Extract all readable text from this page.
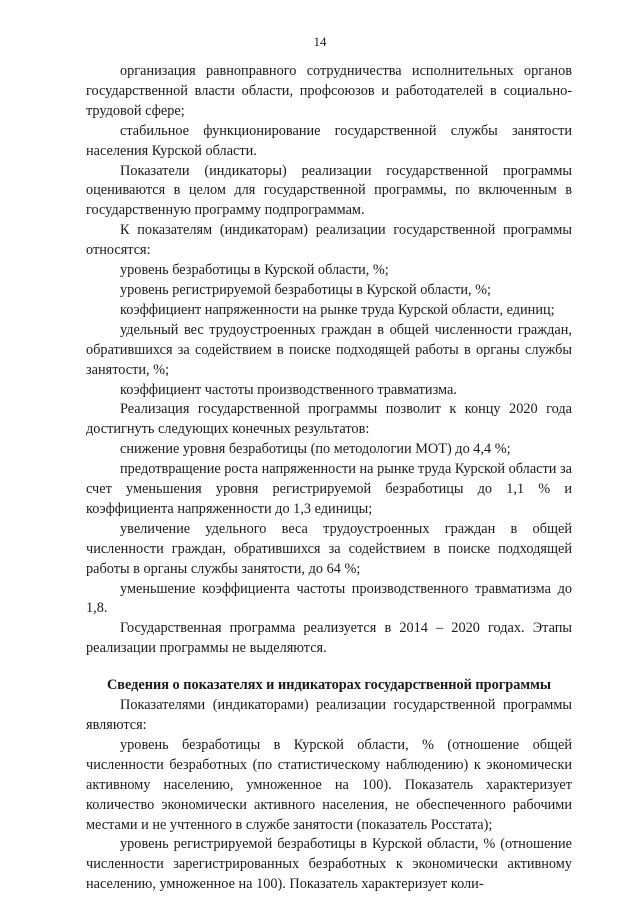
14

организация равноправного сотрудничества исполнительных органов государственной власти области, профсоюзов и работодателей в социально-трудовой сфере;

стабильное функционирование государственной службы занятости населения Курской области.

Показатели (индикаторы) реализации государственной программы оцениваются в целом для государственной программы, по включенным в государственную программу подпрограммам.

К показателям (индикаторам) реализации государственной программы относятся:

уровень безработицы в Курской области, %;

уровень регистрируемой безработицы в Курской области, %;

коэффициент напряженности на рынке труда Курской области, единиц;

удельный вес трудоустроенных граждан в общей численности граждан, обратившихся за содействием в поиске подходящей работы в органы службы занятости, %;

коэффициент частоты производственного травматизма.

Реализация государственной программы позволит к концу 2020 года достигнуть следующих конечных результатов:

снижение уровня безработицы (по методологии МОТ) до 4,4 %;

предотвращение роста напряженности на рынке труда Курской области за счет уменьшения уровня регистрируемой безработицы до 1,1 % и коэффициента напряженности до 1,3 единицы;

увеличение удельного веса трудоустроенных граждан в общей численности граждан, обратившихся за содействием в поиске подходящей работы в органы службы занятости, до 64 %;

уменьшение коэффициента частоты производственного травматизма до 1,8.

Государственная программа реализуется в 2014 – 2020 годах. Этапы реализации программы не выделяются.

Сведения о показателях и индикаторах государственной программы

Показателями (индикаторами) реализации государственной программы являются:

уровень безработицы в Курской области, % (отношение общей численности безработных (по статистическому наблюдению) к экономически активному населению, умноженное на 100). Показатель характеризует количество экономически активного населения, не обеспеченного рабочими местами и не учтенного в службе занятости (показатель Росстата);

уровень регистрируемой безработицы в Курской области, % (отношение численности зарегистрированных безработных к экономически активному населению, умноженное на 100). Показатель характеризует коли-
